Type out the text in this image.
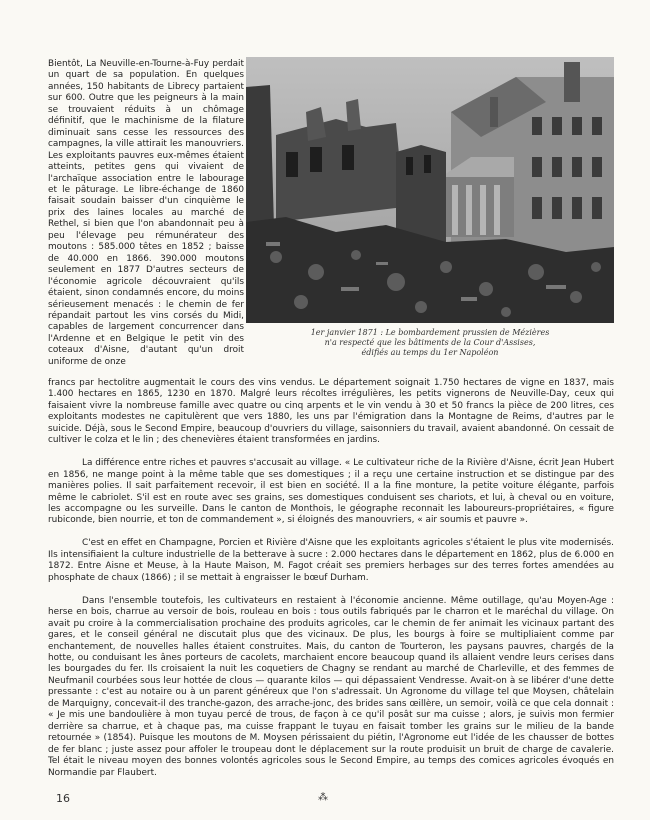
Bientôt, La Neuville-en-Tourne-à-Fuy perdait un quart de sa population. En quelques années, 150 habitants de Librecy partaient sur 600. Outre que les peigneurs à la main se trouvaient réduits à un chômage définitif, que le machinisme de la filature diminuait sans cesse les ressources des campagnes, la ville attirait les manouvriers. Les exploitants pauvres eux-mêmes étaient atteints, petites gens qui vivaient de l'archaïque association entre le labourage et le pâturage. Le libre-échange de 1860 faisait soudain baisser d'un cinquième le prix des laines locales au marché de Rethel, si bien que l'on abandonnait peu à peu l'élevage peu rémunérateur des moutons : 585.000 têtes en 1852 ; baisse de 40.000 en 1866. 390.000 moutons seulement en 1877 D'autres secteurs de l'économie agricole découvraient qu'ils étaient, sinon condamnés encore, du moins sérieusement menacés : le chemin de fer répandait partout les vins corsés du Midi, capables de largement concurrencer dans l'Ardenne et en Belgique le petit vin des coteaux d'Aisne, d'autant qu'un droit uniforme de onze

1er janvier 1871 : Le bombardement prussien de Mézières
n'a respecté que les bâtiments de la Cour d'Assises,
édifiés au temps du 1er Napoléon

francs par hectolitre augmentait le cours des vins vendus. Le département soignait 1.750 hectares de vigne en 1837, mais 1.400 hectares en 1865, 1230 en 1870. Malgré leurs récoltes irrégulières, les petits vignerons de Neuville-Day, ceux qui faisaient vivre la nombreuse famille avec quatre ou cinq arpents et le vin vendu à 30 et 50 francs la pièce de 200 litres, ces exploitants modestes ne capitulèrent que vers 1880, les uns par l'émigration dans la Montagne de Reims, d'autres par le suicide. Déjà, sous le Second Empire, beaucoup d'ouvriers du village, saisonniers du travail, avaient abandonné. On cessait de cultiver le colza et le lin ; des chenevières étaient transformées en jardins.

La différence entre riches et pauvres s'accusait au village. « Le cultivateur riche de la Rivière d'Aisne, écrit Jean Hubert en 1856, ne mange point à la même table que ses domestiques ; il a reçu une certaine instruction et se distingue par des manières polies. Il sait parfaitement recevoir, il est bien en société. Il a la fine monture, la petite voiture élégante, parfois même le cabriolet. S'il est en route avec ses grains, ses domestiques conduisent ses chariots, et lui, à cheval ou en voiture, les accompagne ou les surveille. Dans le canton de Monthois, le géographe reconnait les laboureurs-propriétaires, « figure rubiconde, bien nourrie, et ton de commandement », si éloignés des manouvriers, « air soumis et pauvre ».

C'est en effet en Champagne, Porcien et Rivière d'Aisne que les exploitants agricoles s'étaient le plus vite modernisés. Ils intensifiaient la culture industrielle de la betterave à sucre : 2.000 hectares dans le département en 1862, plus de 6.000 en 1872. Entre Aisne et Meuse, à la Haute Maison, M. Fagot créait ses premiers herbages sur des terres fortes amendées au phosphate de chaux (1866) ; il se mettait à engraisser le bœuf Durham.

Dans l'ensemble toutefois, les cultivateurs en restaient à l'économie ancienne. Même outillage, qu'au Moyen-Age : herse en bois, charrue au versoir de bois, rouleau en bois : tous outils fabriqués par le charron et le maréchal du village. On avait pu croire à la commercialisation prochaine des produits agricoles, car le chemin de fer animait les vicinaux partant des gares, et le conseil général ne discutait plus que des vicinaux. De plus, les bourgs à foire se multipliaient comme par enchantement, de nouvelles halles étaient construites. Mais, du canton de Tourteron, les paysans pauvres, chargés de la hotte, ou conduisant les ânes porteurs de cacolets, marchaient encore beaucoup quand ils allaient vendre leurs cerises dans les bourgades du fer. Ils croisaient la nuit les coquetiers de Chagny se rendant au marché de Charleville, et des femmes de Neufmanil courbées sous leur hottée de clous — quarante kilos — qui dépassaient Vendresse. Avait-on à se libérer d'une dette pressante : c'est au notaire ou à un parent généreux que l'on s'adressait. Un Agronome du village tel que Moysen, châtelain de Marquigny, concevait-il des tranche-gazon, des arrache-jonc, des brides sans œillère, un semoir, voilà ce que cela donnait : « Je mis une bandoulière à mon tuyau percé de trous, de façon à ce qu'il posât sur ma cuisse ; alors, je suivis mon fermier derrière sa charrue, et à chaque pas, ma cuisse frappant le tuyau en faisait tomber les grains sur le milieu de la bande retournée » (1854). Puisque les moutons de M. Moysen périssaient du piétin, l'Agronome eut l'idée de les chausser de bottes de fer blanc ; juste assez pour affoler le troupeau dont le déplacement sur la route produisit un bruit de charge de cavalerie. Tel était le niveau moyen des bonnes volontés agricoles sous le Second Empire, au temps des comices agricoles évoqués en Normandie par Flaubert.

16	⁂
